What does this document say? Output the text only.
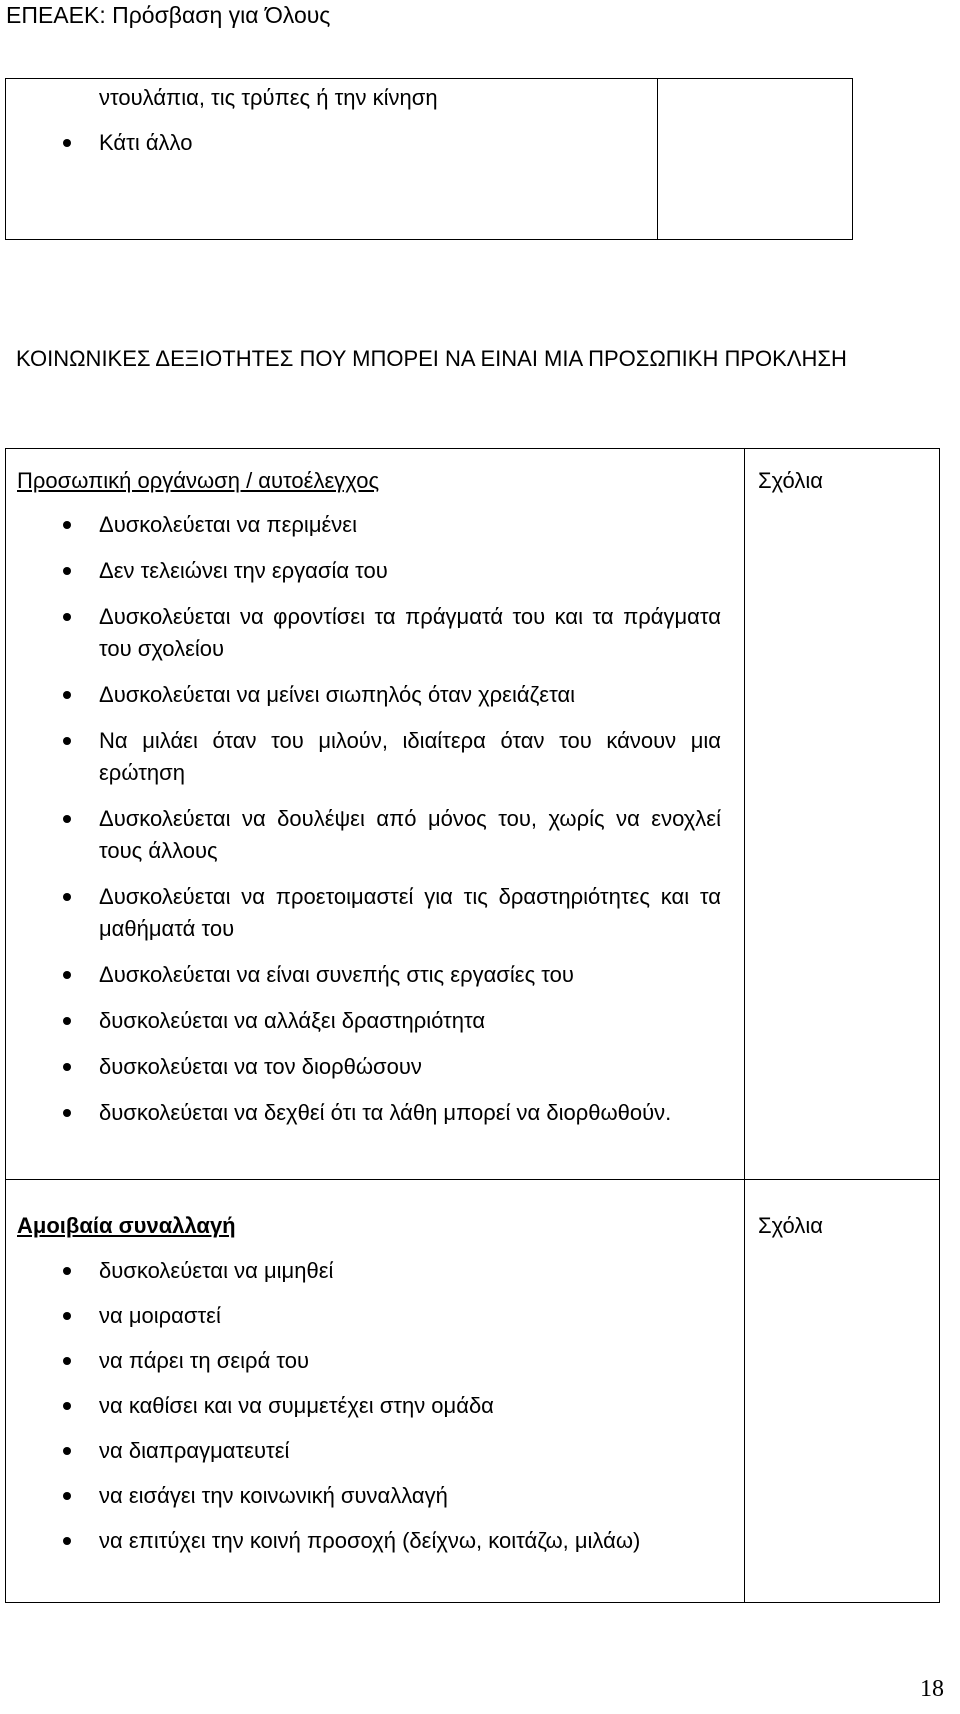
ΕΠΕΑΕΚ: Πρόσβαση για Όλους
ντουλάπια, τις τρύπες ή την κίνηση
Κάτι άλλο
ΚΟΙΝΩΝΙΚΕΣ ΔΕΞΙΟΤΗΤΕΣ ΠΟΥ ΜΠΟΡΕΙ ΝΑ ΕΙΝΑΙ ΜΙΑ ΠΡΟΣΩΠΙΚΗ ΠΡΟΚΛΗΣΗ
Προσωπική οργάνωση / αυτοέλεγχος	Σχόλια
Δυσκολεύεται να περιμένει
Δεν τελειώνει την εργασία του
Δυσκολεύεται να φροντίσει τα πράγματά του και τα πράγματα του σχολείου
Δυσκολεύεται να μείνει σιωπηλός όταν χρειάζεται
Να μιλάει όταν του μιλούν, ιδιαίτερα όταν του κάνουν μια ερώτηση
Δυσκολεύεται να δουλέψει από μόνος του, χωρίς να ενοχλεί τους άλλους
Δυσκολεύεται να προετοιμαστεί για τις δραστηριότητες και τα μαθήματά του
Δυσκολεύεται να είναι συνεπής στις εργασίες του
δυσκολεύεται να αλλάξει δραστηριότητα
δυσκολεύεται να τον διορθώσουν
δυσκολεύεται να δεχθεί ότι τα λάθη μπορεί να διορθωθούν.
Αμοιβαία συναλλαγή	Σχόλια
δυσκολεύεται να μιμηθεί
να μοιραστεί
να πάρει τη σειρά του
να καθίσει και να συμμετέχει στην ομάδα
να διαπραγματευτεί
να εισάγει την κοινωνική συναλλαγή
να επιτύχει την κοινή προσοχή (δείχνω, κοιτάζω, μιλάω)
18
